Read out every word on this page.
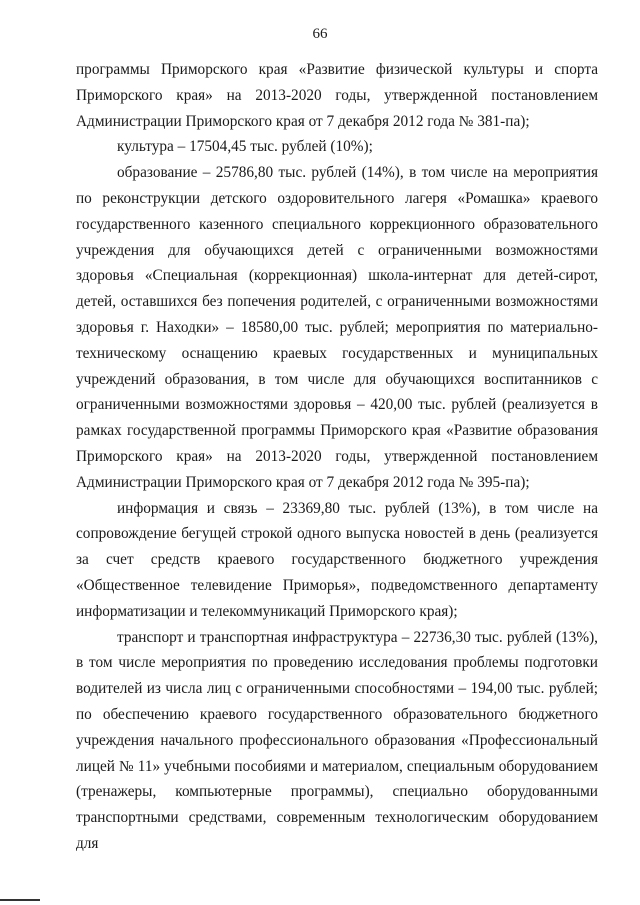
66

программы Приморского края «Развитие физической культуры и спорта Приморского края» на 2013-2020 годы, утвержденной постановлением Администрации Приморского края от 7 декабря 2012 года № 381-па);

культура – 17504,45 тыс. рублей (10%);

образование – 25786,80 тыс. рублей (14%), в том числе на мероприятия по реконструкции детского оздоровительного лагеря «Ромашка» краевого государственного казенного специального коррекционного образовательного учреждения для обучающихся детей с ограниченными возможностями здоровья «Специальная (коррекционная) школа-интернат для детей-сирот, детей, оставшихся без попечения родителей, с ограниченными возможностями здоровья г. Находки» – 18580,00 тыс. рублей; мероприятия по материально-техническому оснащению краевых государственных и муниципальных учреждений образования, в том числе для обучающихся воспитанников с ограниченными возможностями здоровья – 420,00 тыс. рублей (реализуется в рамках государственной программы Приморского края «Развитие образования Приморского края» на 2013-2020 годы, утвержденной постановлением Администрации Приморского края от 7 декабря 2012 года № 395-па);

информация и связь – 23369,80 тыс. рублей (13%), в том числе на сопровождение бегущей строкой одного выпуска новостей в день (реализуется за счет средств краевого государственного бюджетного учреждения «Общественное телевидение Приморья», подведомственного департаменту информатизации и телекоммуникаций Приморского края);

транспорт и транспортная инфраструктура – 22736,30 тыс. рублей (13%), в том числе мероприятия по проведению исследования проблемы подготовки водителей из числа лиц с ограниченными способностями – 194,00 тыс. рублей; по обеспечению краевого государственного образовательного бюджетного учреждения начального профессионального образования «Профессиональный лицей № 11» учебными пособиями и материалом, специальным оборудованием (тренажеры, компьютерные программы), специально оборудованными транспортными средствами, современным технологическим оборудованием для
